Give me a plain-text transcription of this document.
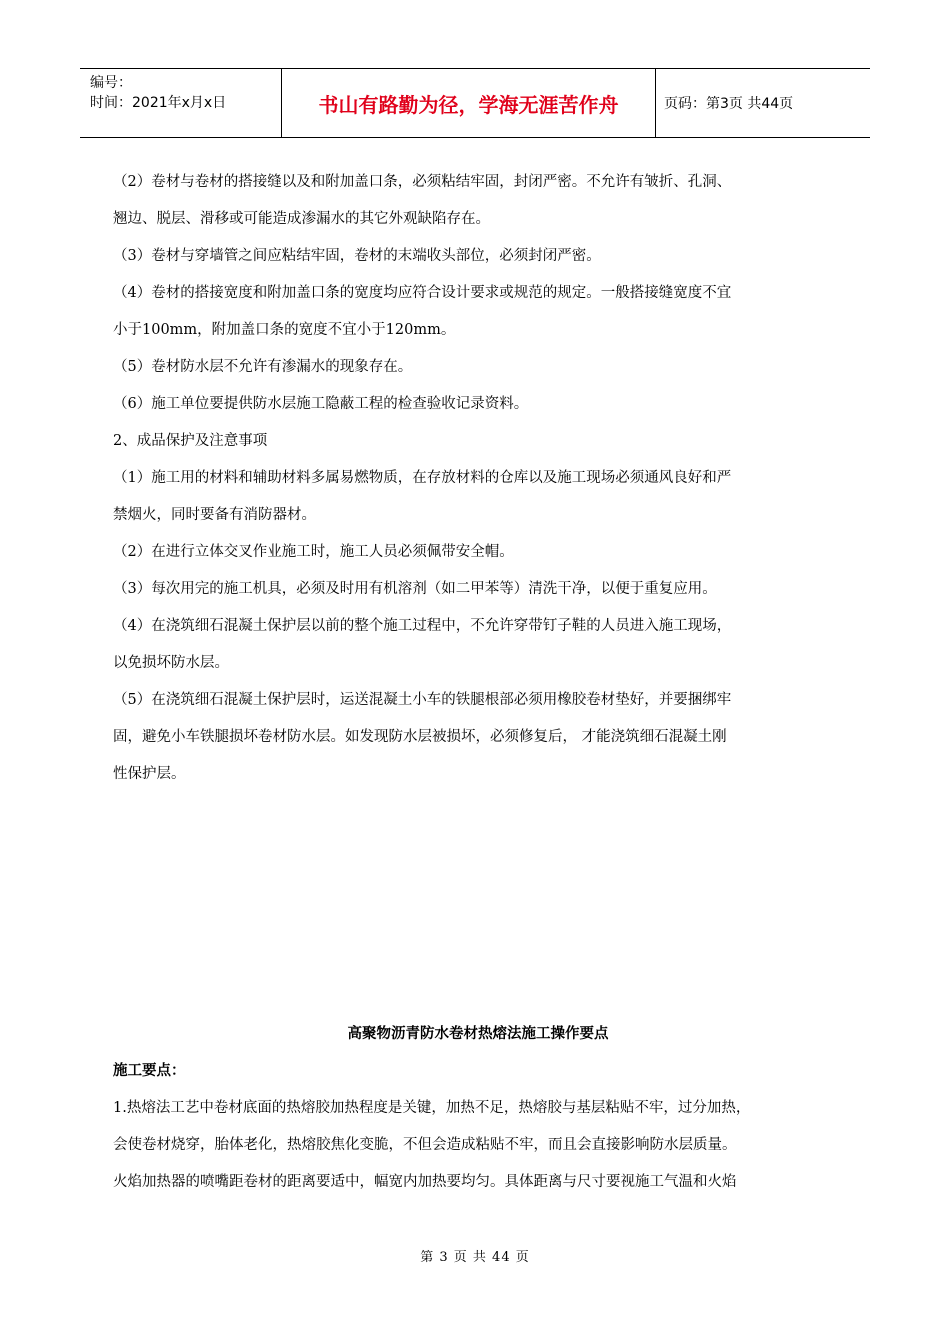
编号：
时间：2021年x月x日	书山有路勤为径，学海无涯苦作舟	页码：第3页 共44页
（2）卷材与卷材的搭接缝以及和附加盖口条，必须粘结牢固，封闭严密。不允许有皱折、孔洞、
翘边、脱层、滑移或可能造成渗漏水的其它外观缺陷存在。
（3）卷材与穿墙管之间应粘结牢固，卷材的末端收头部位，必须封闭严密。
（4）卷材的搭接宽度和附加盖口条的宽度均应符合设计要求或规范的规定。一般搭接缝宽度不宜
小于100mm，附加盖口条的宽度不宜小于120mm。
（5）卷材防水层不允许有渗漏水的现象存在。
（6）施工单位要提供防水层施工隐蔽工程的检查验收记录资料。
2、成品保护及注意事项
（1）施工用的材料和辅助材料多属易燃物质，在存放材料的仓库以及施工现场必须通风良好和严
禁烟火，同时要备有消防器材。
（2）在进行立体交叉作业施工时，施工人员必须佩带安全帽。
（3）每次用完的施工机具，必须及时用有机溶剂（如二甲苯等）清洗干净，以便于重复应用。
（4）在浇筑细石混凝土保护层以前的整个施工过程中，不允许穿带钉子鞋的人员进入施工现场，
以免损坏防水层。
（5）在浇筑细石混凝土保护层时，运送混凝土小车的铁腿根部必须用橡胶卷材垫好，并要捆绑牢
固，避免小车铁腿损坏卷材防水层。如发现防水层被损坏，必须修复后， 才能浇筑细石混凝土刚
性保护层。
高聚物沥青防水卷材热熔法施工操作要点
施工要点：
1.热熔法工艺中卷材底面的热熔胶加热程度是关键，加热不足，热熔胶与基层粘贴不牢，过分加热，
会使卷材烧穿，胎体老化，热熔胶焦化变脆，不但会造成粘贴不牢，而且会直接影响防水层质量。
火焰加热器的喷嘴距卷材的距离要适中，幅宽内加热要均匀。具体距离与尺寸要视施工气温和火焰
第 3 页 共 44 页
